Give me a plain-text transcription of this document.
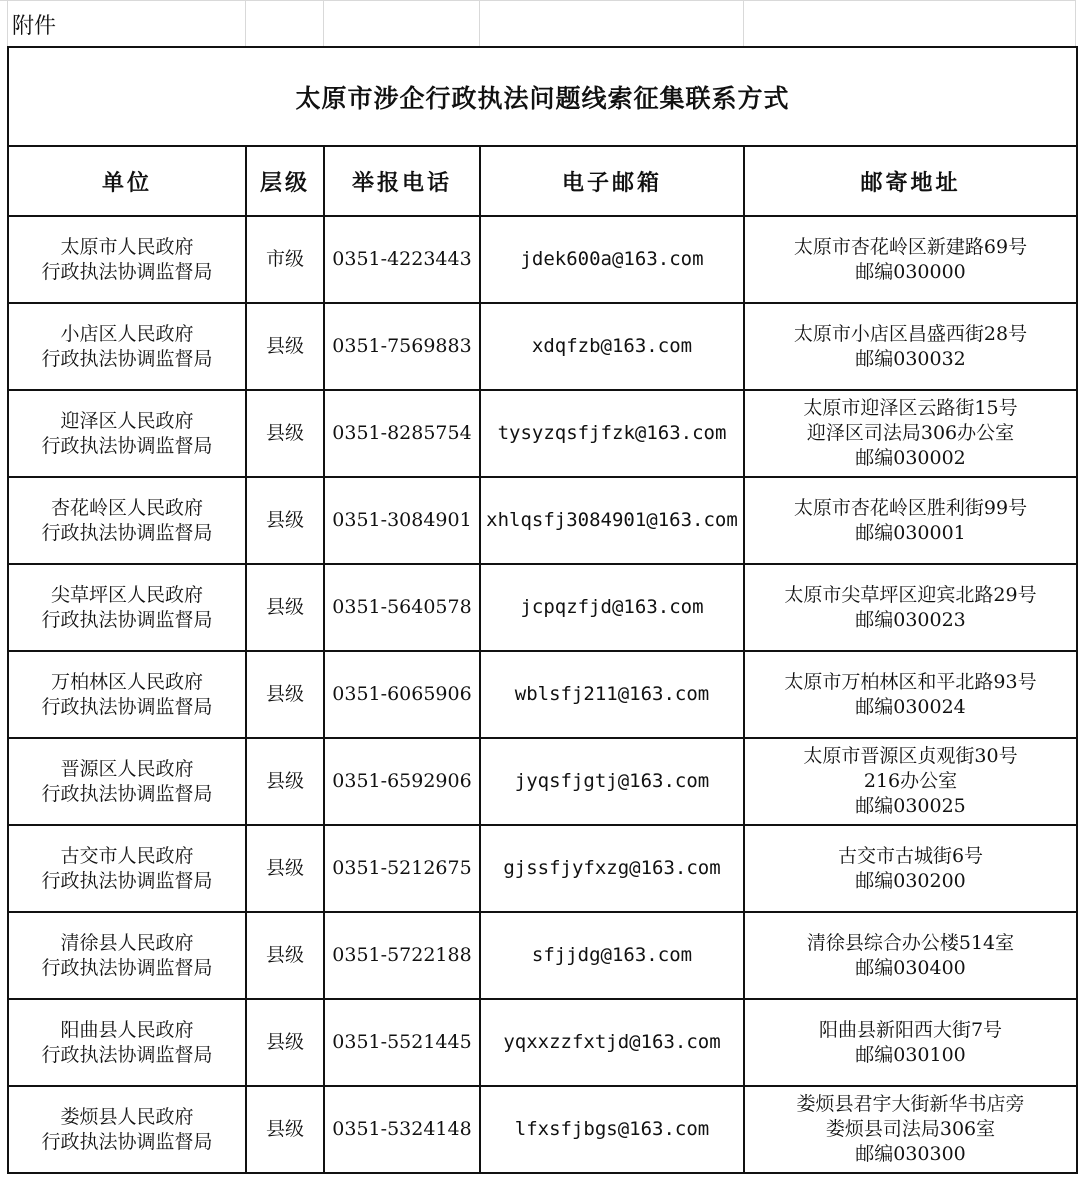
附件
太原市涉企行政执法问题线索征集联系方式				
单位	层级	举报电话	电子邮箱	邮寄地址

太原市人民政府
行政执法协调监督局	市级	0351-4223443	jdek600a@163.com	太原市杏花岭区新建路69号
邮编030000

小店区人民政府
行政执法协调监督局	县级	0351-7569883	xdqfzb@163.com	太原市小店区昌盛西街28号
邮编030032

迎泽区人民政府
行政执法协调监督局	县级	0351-8285754	tysyzqsfjfzk@163.com	太原市迎泽区云路街15号
迎泽区司法局306办公室
邮编030002

杏花岭区人民政府
行政执法协调监督局	县级	0351-3084901	xhlqsfj3084901@163.com	太原市杏花岭区胜利街99号
邮编030001

尖草坪区人民政府
行政执法协调监督局	县级	0351-5640578	jcpqzfjd@163.com	太原市尖草坪区迎宾北路29号
邮编030023

万柏林区人民政府
行政执法协调监督局	县级	0351-6065906	wblsfj211@163.com	太原市万柏林区和平北路93号
邮编030024

晋源区人民政府
行政执法协调监督局	县级	0351-6592906	jyqsfjgtj@163.com	太原市晋源区贞观街30号
216办公室
邮编030025

古交市人民政府
行政执法协调监督局	县级	0351-5212675	gjssfjyfxzg@163.com	古交市古城街6号
邮编030200

清徐县人民政府
行政执法协调监督局	县级	0351-5722188	sfjjdg@163.com	清徐县综合办公楼514室
邮编030400

阳曲县人民政府
行政执法协调监督局	县级	0351-5521445	yqxxzzfxtjd@163.com	阳曲县新阳西大街7号
邮编030100

娄烦县人民政府
行政执法协调监督局	县级	0351-5324148	lfxsfjbgs@163.com	娄烦县君宇大街新华书店旁
娄烦县司法局306室
邮编030300
